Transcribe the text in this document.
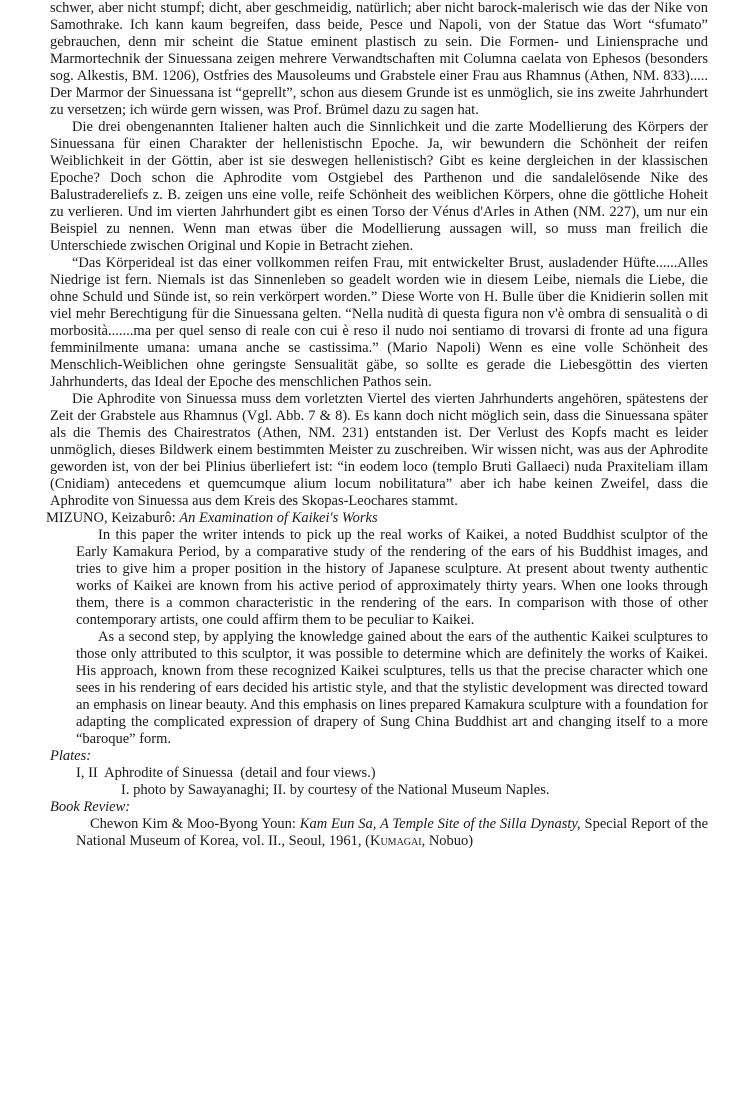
schwer, aber nicht stumpf; dicht, aber geschmeidig, natürlich; aber nicht barock-malerisch wie das der Nike von Samothrake. Ich kann kaum begreifen, dass beide, Pesce und Napoli, von der Statue das Wort “sfumato” gebrauchen, denn mir scheint die Statue eminent plastisch zu sein. Die Formen- und Liniensprache und Marmortechnik der Sinuessana zeigen mehrere Verwandtschaften mit Columna caelata von Ephesos (besonders sog. Alkestis, BM. 1206), Ostfries des Mausoleums und Grabstele einer Frau aus Rhamnus (Athen, NM. 833)..... Der Marmor der Sinuessana ist “geprellt”, schon aus diesem Grunde ist es unmöglich, sie ins zweite Jahrhundert zu versetzen; ich würde gern wissen, was Prof. Brümel dazu zu sagen hat.

Die drei obengenannten Italiener halten auch die Sinnlichkeit und die zarte Modellierung des Körpers der Sinuessana für einen Charakter der hellenistischn Epoche. Ja, wir bewundern die Schönheit der reifen Weiblichkeit in der Göttin, aber ist sie deswegen hellenistisch? Gibt es keine dergleichen in der klassischen Epoche? Doch schon die Aphrodite vom Ostgiebel des Parthenon und die sandalelösende Nike des Balustradereliefs z. B. zeigen uns eine volle, reife Schönheit des weiblichen Körpers, ohne die göttliche Hoheit zu verlieren. Und im vierten Jahrhundert gibt es einen Torso der Vénus d'Arles in Athen (NM. 227), um nur ein Beispiel zu nennen. Wenn man etwas über die Modellierung aussagen will, so muss man freilich die Unterschiede zwischen Original und Kopie in Betracht ziehen.

“Das Körperideal ist das einer vollkommen reifen Frau, mit entwickelter Brust, ausladender Hüfte......Alles Niedrige ist fern. Niemals ist das Sinnenleben so geadelt worden wie in diesem Leibe, niemals die Liebe, die ohne Schuld und Sünde ist, so rein verkörpert worden.” Diese Worte von H. Bulle über die Knidierin sollen mit viel mehr Berechtigung für die Sinuessana gelten. “Nella nudità di questa figura non v'è ombra di sensualità o di morbosità.......ma per quel senso di reale con cui è reso il nudo noi sentiamo di trovarsi di fronte ad una figura femminilmente umana: umana anche se castissima.” (Mario Napoli) Wenn es eine volle Schönheit des Menschlich-Weiblichen ohne geringste Sensualität gäbe, so sollte es gerade die Liebesgöttin des vierten Jahrhunderts, das Ideal der Epoche des menschlichen Pathos sein.

Die Aphrodite von Sinuessa muss dem vorletzten Viertel des vierten Jahrhunderts angehören, spätestens der Zeit der Grabstele aus Rhamnus (Vgl. Abb. 7 & 8). Es kann doch nicht möglich sein, dass die Sinuessana später als die Themis des Chairestratos (Athen, NM. 231) entstanden ist. Der Verlust des Kopfs macht es leider unmöglich, dieses Bildwerk einem bestimmten Meister zu zuschreiben. Wir wissen nicht, was aus der Aphrodite geworden ist, von der bei Plinius überliefert ist: “in eodem loco (templo Bruti Gallaeci) nuda Praxiteliam illam (Cnidiam) antecedens et quemcumque alium locum nobilitatura” aber ich habe keinen Zweifel, dass die Aphrodite von Sinuessa aus dem Kreis des Skopas-Leochares stammt.

MIZUNO, Keizaburô: An Examination of Kaikei's Works

In this paper the writer intends to pick up the real works of Kaikei, a noted Buddhist sculptor of the Early Kamakura Period, by a comparative study of the rendering of the ears of his Buddhist images, and tries to give him a proper position in the history of Japanese sculpture. At present about twenty authentic works of Kaikei are known from his active period of approximately thirty years. When one looks through them, there is a common characteristic in the rendering of the ears. In comparison with those of other contemporary artists, one could affirm them to be peculiar to Kaikei.

As a second step, by applying the knowledge gained about the ears of the authentic Kaikei sculptures to those only attributed to this sculptor, it was possible to determine which are definitely the works of Kaikei. His approach, known from these recognized Kaikei sculptures, tells us that the precise character which one sees in his rendering of ears decided his artistic style, and that the stylistic development was directed toward an emphasis on linear beauty. And this emphasis on lines prepared Kamakura sculpture with a foundation for adapting the complicated expression of drapery of Sung China Buddhist art and changing itself to a more “baroque” form.

Plates:

I, II  Aphrodite of Sinuessa  (detail and four views.)

I. photo by Sawayanaghi; II. by courtesy of the National Museum Naples.

Book Review:

Chewon Kim & Moo-Byong Youn: Kam Eun Sa, A Temple Site of the Silla Dynasty, Special Report of the National Museum of Korea, vol. II., Seoul, 1961, (Kumagai, Nobuo)
